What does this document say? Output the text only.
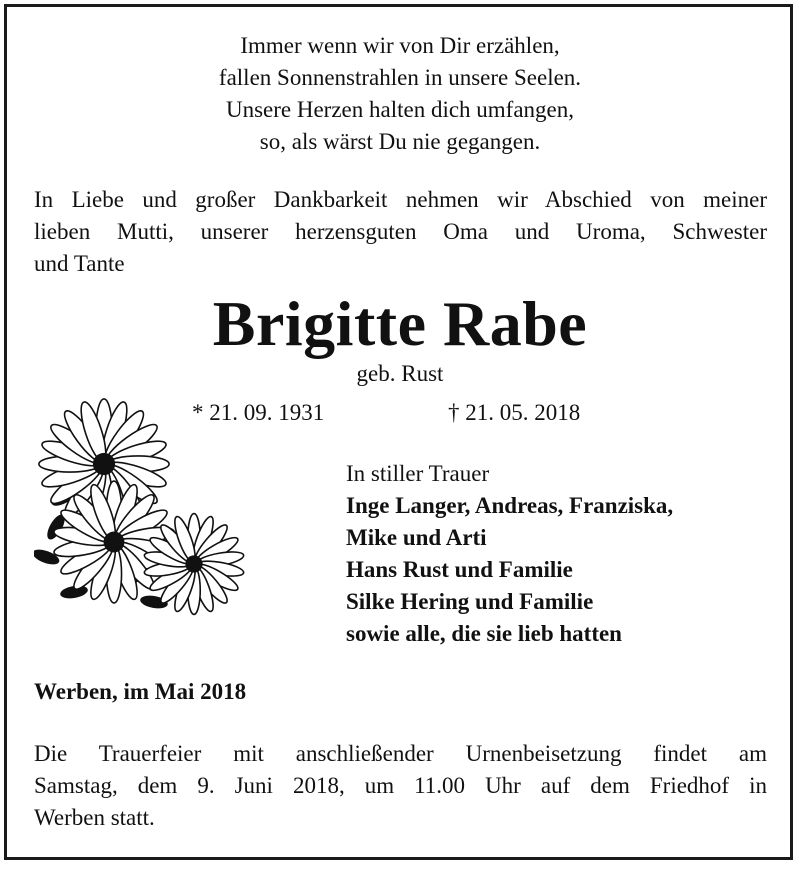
Immer wenn wir von Dir erzählen,
fallen Sonnenstrahlen in unsere Seelen.
Unsere Herzen halten dich umfangen,
so, als wärst Du nie gegangen.
In Liebe und großer Dankbarkeit nehmen wir Abschied von meiner
lieben Mutti, unserer herzensguten Oma und Uroma, Schwester
und Tante
Brigitte Rabe
geb. Rust
* 21. 09. 1931	† 21. 05. 2018
In stiller Trauer
Inge Langer, Andreas, Franziska,
Mike und Arti
Hans Rust und Familie
Silke Hering und Familie
sowie alle, die sie lieb hatten
Werben, im Mai 2018
Die Trauerfeier mit anschließender Urnenbeisetzung findet am
Samstag, dem 9. Juni 2018, um 11.00 Uhr auf dem Friedhof in
Werben statt.
